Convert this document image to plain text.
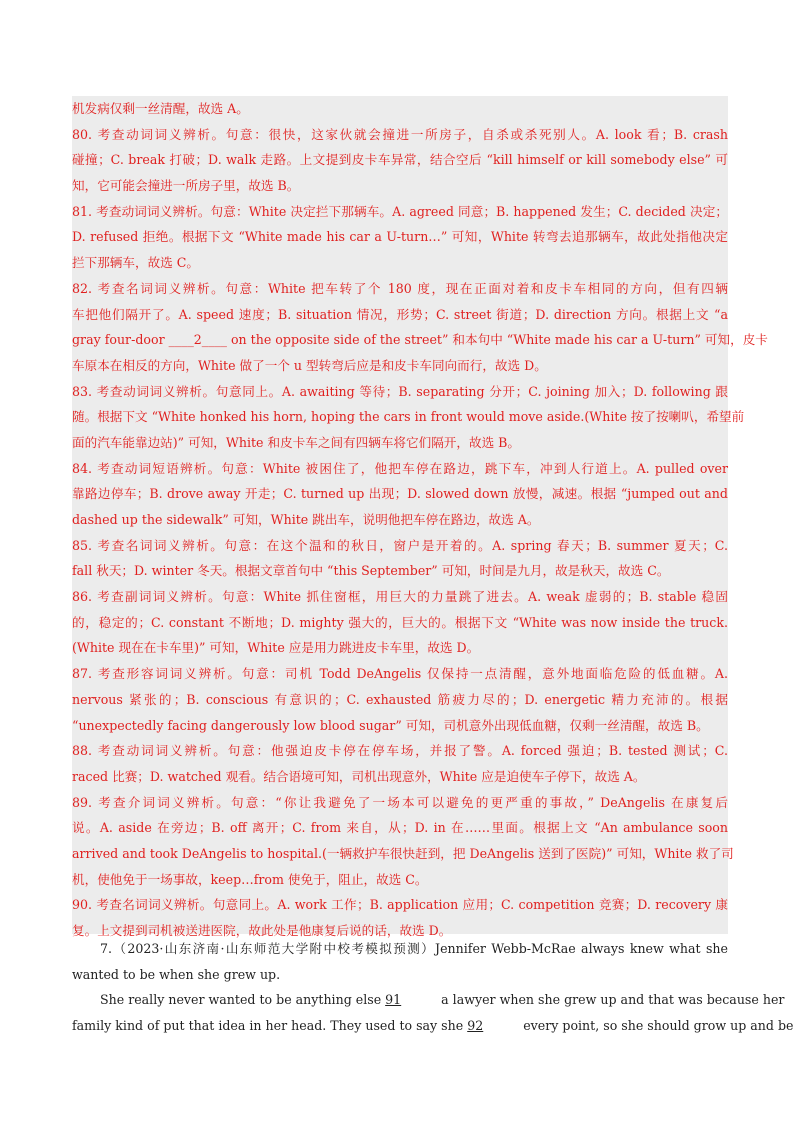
机发病仅剩一丝清醒，故选 A。
80. 考查动词词义辨析。句意：很快，这家伙就会撞进一所房子，自杀或杀死别人。A. look 看；B. crash
碰撞；C. break 打破；D. walk 走路。上文提到皮卡车异常，结合空后 “kill himself or kill somebody else” 可
知，它可能会撞进一所房子里，故选 B。
81. 考查动词词义辨析。句意：White 决定拦下那辆车。A. agreed 同意；B. happened 发生；C. decided 决定；
D. refused 拒绝。根据下文 “White made his car a U-turn…” 可知，White 转弯去追那辆车，故此处指他决定
拦下那辆车，故选 C。
82. 考查名词词义辨析。句意：White 把车转了个 180 度，现在正面对着和皮卡车相同的方向，但有四辆
车把他们隔开了。A. speed 速度；B. situation 情况，形势；C. street 街道；D. direction 方向。根据上文 “a
gray four-door ____2____ on the opposite side of the street” 和本句中 “White made his car a U-turn” 可知，皮卡
车原本在相反的方向，White 做了一个 u 型转弯后应是和皮卡车同向而行，故选 D。
83. 考查动词词义辨析。句意同上。A. awaiting 等待；B. separating 分开；C. joining 加入；D. following 跟
随。根据下文 “White honked his horn, hoping the cars in front would move aside.(White 按了按喇叭，希望前
面的汽车能靠边站)” 可知，White 和皮卡车之间有四辆车将它们隔开，故选 B。
84. 考查动词短语辨析。句意：White 被困住了，他把车停在路边，跳下车，冲到人行道上。A. pulled over
靠路边停车；B. drove away 开走；C. turned up 出现；D. slowed down 放慢，减速。根据 “jumped out and
dashed up the sidewalk” 可知，White 跳出车，说明他把车停在路边，故选 A。
85. 考查名词词义辨析。句意：在这个温和的秋日，窗户是开着的。A. spring 春天；B. summer 夏天；C.
fall 秋天；D. winter 冬天。根据文章首句中 “this September” 可知，时间是九月，故是秋天，故选 C。
86. 考查副词词义辨析。句意：White 抓住窗框，用巨大的力量跳了进去。A. weak 虚弱的；B. stable 稳固
的，稳定的；C. constant 不断地；D. mighty 强大的，巨大的。根据下文 “White was now inside the truck.
(White 现在在卡车里)” 可知，White 应是用力跳进皮卡车里，故选 D。
87. 考查形容词词义辨析。句意：司机 Todd DeAngelis 仅保持一点清醒，意外地面临危险的低血糖。A.
nervous 紧张的；B. conscious 有意识的；C. exhausted 筋疲力尽的；D. energetic 精力充沛的。根据
“unexpectedly facing dangerously low blood sugar” 可知，司机意外出现低血糖，仅剩一丝清醒，故选 B。
88. 考查动词词义辨析。句意：他强迫皮卡停在停车场，并报了警。A. forced 强迫；B. tested 测试；C.
raced 比赛；D. watched 观看。结合语境可知，司机出现意外，White 应是迫使车子停下，故选 A。
89. 考查介词词义辨析。句意：“你让我避免了一场本可以避免的更严重的事故，” DeAngelis 在康复后
说。A. aside 在旁边；B. off 离开；C. from 来自，从；D. in 在……里面。根据上文 “An ambulance soon
arrived and took DeAngelis to hospital.(一辆救护车很快赶到，把 DeAngelis 送到了医院)” 可知，White 救了司
机，使他免于一场事故，keep…from 使免于，阻止，故选 C。
90. 考查名词词义辨析。句意同上。A. work 工作；B. application 应用；C. competition 竞赛；D. recovery 康
复。上文提到司机被送进医院，故此处是他康复后说的话，故选 D。
7.（2023·山东济南·山东师范大学附中校考模拟预测）Jennifer Webb-McRae always knew what she
wanted to be when she grew up.
She really never wanted to be anything else 91	a lawyer when she grew up and that was because her
family kind of put that idea in her head. They used to say she 92	every point, so she should grow up and be
